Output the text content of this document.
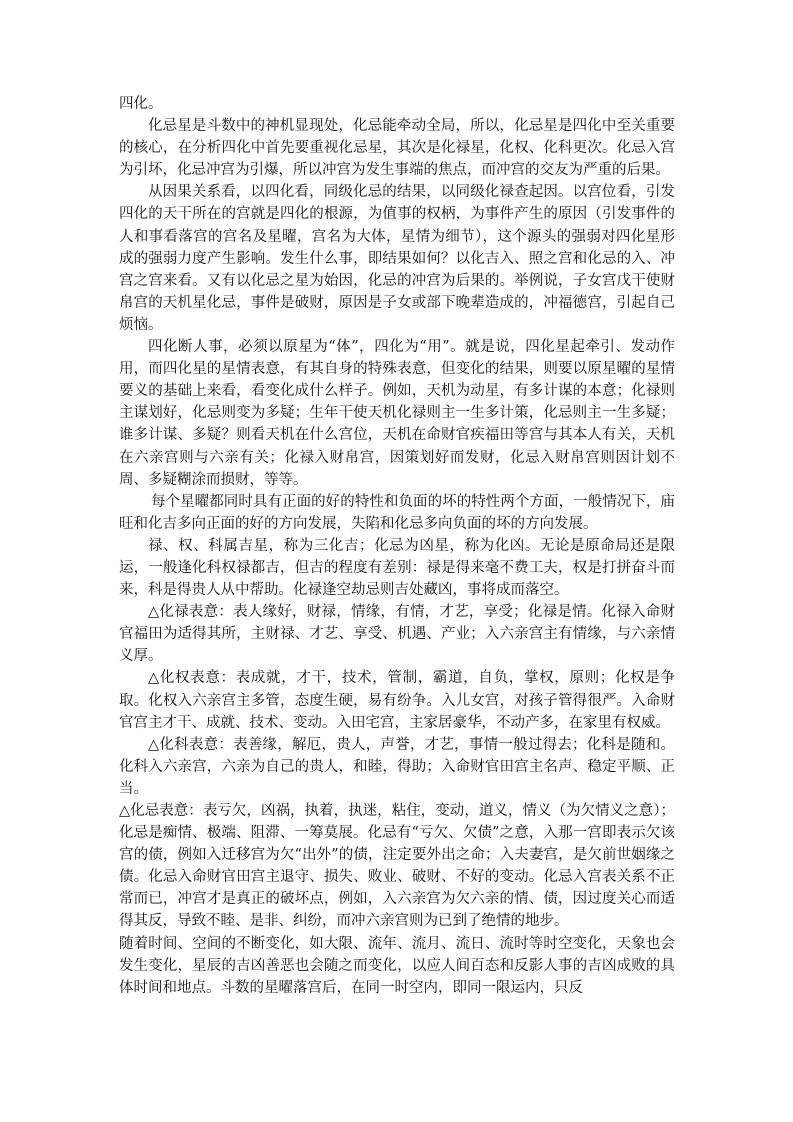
四化。

化忌星是斗数中的神机显现处，化忌能牵动全局，所以，化忌星是四化中至关重要的核心，在分析四化中首先要重视化忌星，其次是化禄星，化权、化科更次。化忌入宫为引坏，化忌冲宫为引爆，所以冲宫为发生事端的焦点，而冲宫的交友为严重的后果。

从因果关系看，以四化看，同级化忌的结果，以同级化禄查起因。以宫位看，引发四化的天干所在的宫就是四化的根源，为值事的权柄，为事件产生的原因（引发事件的人和事看落宫的宫名及星曜，宫名为大体，星情为细节），这个源头的强弱对四化星形成的强弱力度产生影响。发生什么事，即结果如何？以化吉入、照之宫和化忌的入、冲宫之宫来看。又有以化忌之星为始因，化忌的冲宫为后果的。举例说，子女宫戊干使财帛宫的天机星化忌，事件是破财，原因是子女或部下晚辈造成的，冲福德宫，引起自己烦恼。

四化断人事，必须以原星为“体”，四化为“用”。就是说，四化星起牵引、发动作用，而四化星的星情表意，有其自身的特殊表意，但变化的结果，则要以原星曜的星情要义的基础上来看，看变化成什么样子。例如，天机为动星，有多计谋的本意；化禄则主谋划好，化忌则变为多疑；生年干使天机化禄则主一生多计策，化忌则主一生多疑；谁多计谋、多疑？则看天机在什么宫位，天机在命财官疾福田等宫与其本人有关，天机在六亲宫则与六亲有关；化禄入财帛宫，因策划好而发财，化忌入财帛宫则因计划不周、多疑糊涂而损财，等等。

每个星曜都同时具有正面的好的特性和负面的坏的特性两个方面，一般情况下，庙旺和化吉多向正面的好的方向发展，失陷和化忌多向负面的坏的方向发展。

禄、权、科属吉星，称为三化吉；化忌为凶星，称为化凶。无论是原命局还是限运，一般逢化科权禄都吉，但吉的程度有差别：禄是得来毫不费工夫，权是打拼奋斗而来，科是得贵人从中帮助。化禄逢空劫忌则吉处藏凶，事将成而落空。

△化禄表意：表人缘好，财禄，情缘，有情，才艺，享受；化禄是情。化禄入命财官福田为适得其所，主财禄、才艺、享受、机遇、产业；入六亲宫主有情缘，与六亲情义厚。

△化权表意：表成就，才干，技术，管制，霸道，自负，掌权，原则；化权是争取。化权入六亲宫主多管，态度生硬，易有纷争。入儿女宫，对孩子管得很严。入命财官宫主才干、成就、技术、变动。入田宅宫，主家居豪华，不动产多，在家里有权威。

△化科表意：表善缘，解厄，贵人，声誉，才艺，事情一般过得去；化科是随和。化科入六亲宫，六亲为自己的贵人，和睦，得助；入命财官田宫主名声、稳定平顺、正当。

△化忌表意：表亏欠，凶祸，执着，执迷，粘住，变动，道义，情义（为欠情义之意）；化忌是痴情、极端、阻滞、一筹莫展。化忌有“亏欠、欠债”之意，入那一宫即表示欠该宫的债，例如入迁移宫为欠“出外”的债，注定要外出之命；入夫妻宫，是欠前世姻缘之债。化忌入命财官田宫主退守、损失、败业、破财、不好的变动。化忌入宫表关系不正常而已，冲宫才是真正的破坏点，例如，入六亲宫为欠六亲的情、债，因过度关心而适得其反，导致不睦、是非、纠纷，而冲六亲宫则为已到了绝情的地步。

随着时间、空间的不断变化，如大限、流年、流月、流日、流时等时空变化，天象也会发生变化，星辰的吉凶善恶也会随之而变化，以应人间百态和反影人事的吉凶成败的具体时间和地点。斗数的星曜落宫后，在同一时空内，即同一限运内，只反
